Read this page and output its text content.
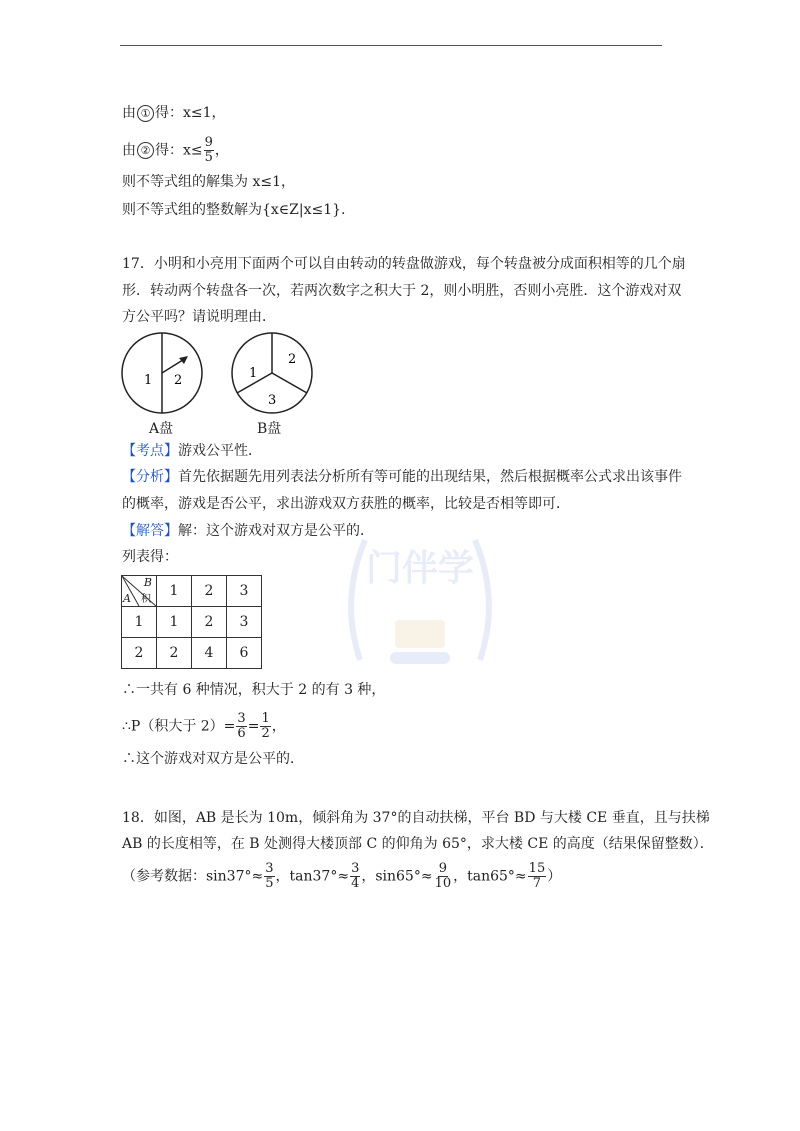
由 ① 得：x≤1，
由 ② 得：$x\le \frac{9}{5}$ ，
则不等式组的解集为 x≤1，
则不等式组的整数解为{x∈Z|x≤1}.
17．小明和小亮用下面两个可以自由转动的转盘做游戏，每个转盘被分成面积相等的几个扇
形．转动两个转盘各一次，若两次数字之积大于 2，则小明胜，否则小亮胜．这个游戏对双
方公平吗？请说明理由．
1 2
2
1
3
A盘	B盘
【考点】游戏公平性．
【分析】首先依据题先用列表法分析所有等可能的出现结果，然后根据概率公式求出该事件
的概率，游戏是否公平，求出游戏双方获胜的概率，比较是否相等即可．
【解答】解：这个游戏对双方是公平的．
列表得：	门伴学
B
A 积	1	2	3
1	1	2	3
2	2	4	6
∴一共有 6 种情况，积大于 2 的有 3 种，
∴P（积大于 $2)= \frac{3}{6} = \frac{1}{2}$ ，
∴这个游戏对双方是公平的．
18．如图，AB 是长为 10m，倾斜角为 37°的自动扶梯，平台 BD 与大楼 CE 垂直，且与扶梯
AB 的长度相等，在 B 处测得大楼顶部 C 的仰角为 65°，求大楼 CE 的高度（结果保留整数）．
（参考数据：$\sin 37^\circ\approx \frac{3}{5}$ ，$\tan 37^\circ\approx \frac{3}{4}$ ，$\sin 65^\circ\approx \frac{9}{10}$ ，$\tan 65^\circ\approx \frac{15}{7}$ ）
